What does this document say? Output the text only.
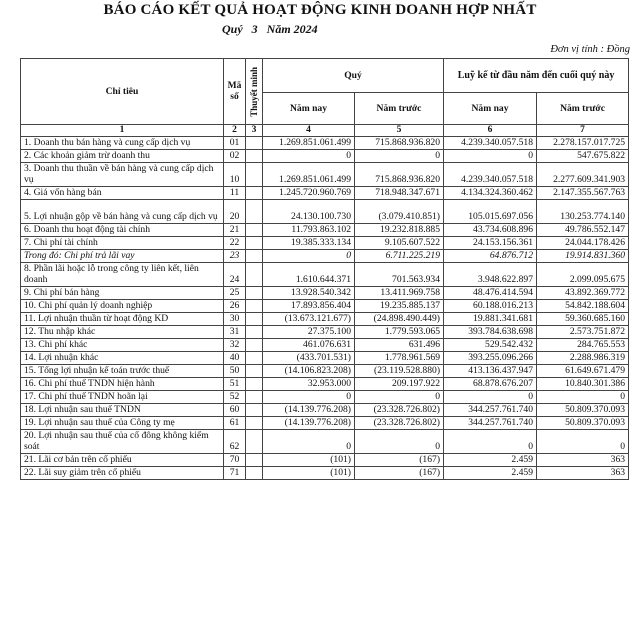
BÁO CÁO KẾT QUẢ HOẠT ĐỘNG KINH DOANH HỢP NHẤT
Quý 3 Năm 2024
Đơn vị tính : Đồng
Chỉ tiêu	Mã số	Thuyết minh	Quý		Luỹ kế từ đầu năm đến cuối quý này	
			Năm nay	Năm trước	Năm nay	Năm trước
1	2	3	4	5	6	7
1. Doanh thu bán hàng và cung cấp dịch vụ	01		1.269.851.061.499	715.868.936.820	4.239.340.057.518	2.278.157.017.725
2. Các khoản giảm trừ doanh thu	02		0	0	0	547.675.822
3. Doanh thu thuần về bán hàng và cung cấp dịch vụ	10		1.269.851.061.499	715.868.936.820	4.239.340.057.518	2.277.609.341.903
4. Giá vốn hàng bán	11		1.245.720.960.769	718.948.347.671	4.134.324.360.462	2.147.355.567.763
5. Lợi nhuận gộp về bán hàng và cung cấp dịch vụ	20		24.130.100.730	(3.079.410.851)	105.015.697.056	130.253.774.140
6. Doanh thu hoạt động tài chính	21		11.793.863.102	19.232.818.885	43.734.608.896	49.786.552.147
7. Chi phí tài chính	22		19.385.333.134	9.105.607.522	24.153.156.361	24.044.178.426
Trong đó: Chi phí trả lãi vay	23		0	6.711.225.219	64.876.712	19.914.831.360
8. Phần lãi hoặc lỗ trong công ty liên kết, liên doanh	24		1.610.644.371	701.563.934	3.948.622.897	2.099.095.675
9. Chi phí bán hàng	25		13.928.540.342	13.411.969.758	48.476.414.594	43.892.369.772
10. Chi phí quản lý doanh nghiệp	26		17.893.856.404	19.235.885.137	60.188.016.213	54.842.188.604
11. Lợi nhuận thuần từ hoạt động KD	30		(13.673.121.677)	(24.898.490.449)	19.881.341.681	59.360.685.160
12. Thu nhập khác	31		27.375.100	1.779.593.065	393.784.638.698	2.573.751.872
13. Chi phí khác	32		461.076.631	631.496	529.542.432	284.765.553
14. Lợi nhuận khác	40		(433.701.531)	1.778.961.569	393.255.096.266	2.288.986.319
15. Tổng lợi nhuận kế toán trước thuế	50		(14.106.823.208)	(23.119.528.880)	413.136.437.947	61.649.671.479
16. Chi phí thuế TNDN hiện hành	51		32.953.000	209.197.922	68.878.676.207	10.840.301.386
17. Chi phí thuế TNDN hoãn lại	52		0	0	0	0
18. Lợi nhuận sau thuế TNDN	60		(14.139.776.208)	(23.328.726.802)	344.257.761.740	50.809.370.093
19. Lợi nhuận sau thuế của Công ty mẹ	61		(14.139.776.208)	(23.328.726.802)	344.257.761.740	50.809.370.093
20. Lợi nhuận sau thuế của cổ đông không kiểm soát	62		0	0	0	0
21. Lãi cơ bản trên cổ phiếu	70		(101)	(167)	2.459	363
22. Lãi suy giảm trên cổ phiếu	71		(101)	(167)	2.459	363
